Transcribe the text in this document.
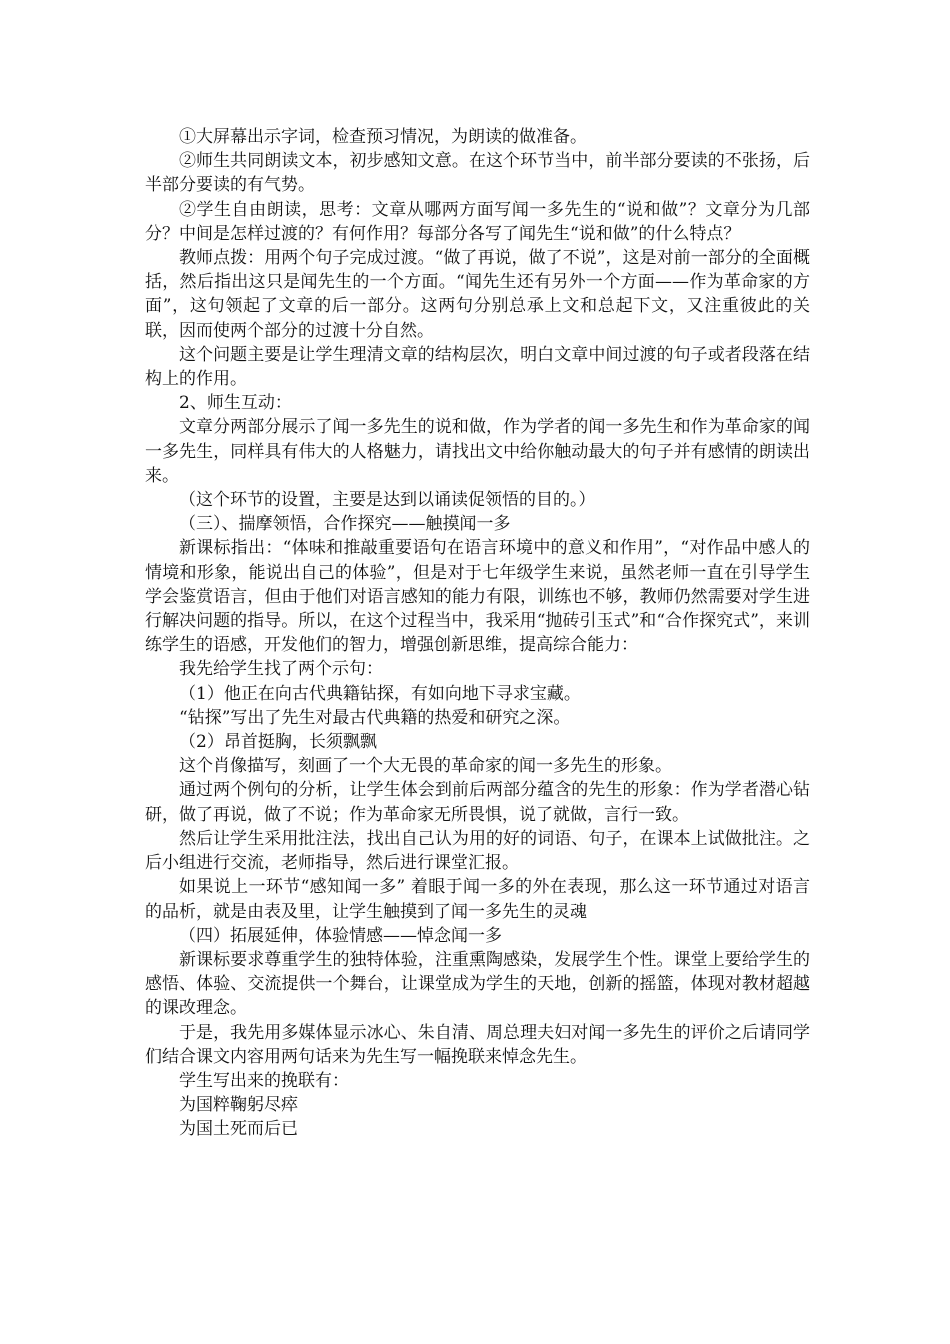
①大屏幕出示字词，检查预习情况，为朗读的做准备。

②师生共同朗读文本，初步感知文意。在这个环节当中，前半部分要读的不张扬，后半部分要读的有气势。

②学生自由朗读，思考：文章从哪两方面写闻一多先生的“说和做”？文章分为几部分？中间是怎样过渡的？有何作用？每部分各写了闻先生“说和做”的什么特点？

教师点拨：用两个句子完成过渡。“做了再说，做了不说”，这是对前一部分的全面概括，然后指出这只是闻先生的一个方面。“闻先生还有另外一个方面——作为革命家的方面”，这句领起了文章的后一部分。这两句分别总承上文和总起下文，又注重彼此的关联，因而使两个部分的过渡十分自然。

这个问题主要是让学生理清文章的结构层次，明白文章中间过渡的句子或者段落在结构上的作用。

2、师生互动：

文章分两部分展示了闻一多先生的说和做，作为学者的闻一多先生和作为革命家的闻一多先生，同样具有伟大的人格魅力，请找出文中给你触动最大的句子并有感情的朗读出来。

（这个环节的设置，主要是达到以诵读促领悟的目的。）

（三）、揣摩领悟，合作探究——触摸闻一多

新课标指出：“体味和推敲重要语句在语言环境中的意义和作用”，“对作品中感人的情境和形象，能说出自己的体验”，但是对于七年级学生来说，虽然老师一直在引导学生学会鉴赏语言，但由于他们对语言感知的能力有限，训练也不够，教师仍然需要对学生进行解决问题的指导。所以，在这个过程当中，我采用“抛砖引玉式”和“合作探究式”，来训练学生的语感，开发他们的智力，增强创新思维，提高综合能力：

我先给学生找了两个示句：

（1）他正在向古代典籍钻探，有如向地下寻求宝藏。

“钻探”写出了先生对最古代典籍的热爱和研究之深。

（2）昂首挺胸，长须飘飘

这个肖像描写，刻画了一个大无畏的革命家的闻一多先生的形象。

通过两个例句的分析，让学生体会到前后两部分蕴含的先生的形象：作为学者潜心钻研，做了再说，做了不说；作为革命家无所畏惧，说了就做，言行一致。

然后让学生采用批注法，找出自己认为用的好的词语、句子，在课本上试做批注。之后小组进行交流，老师指导，然后进行课堂汇报。

如果说上一环节“感知闻一多” 着眼于闻一多的外在表现，那么这一环节通过对语言的品析，就是由表及里，让学生触摸到了闻一多先生的灵魂

（四）拓展延伸，体验情感——悼念闻一多

新课标要求尊重学生的独特体验，注重熏陶感染，发展学生个性。课堂上要给学生的感悟、体验、交流提供一个舞台，让课堂成为学生的天地，创新的摇篮，体现对教材超越的课改理念。

于是，我先用多媒体显示冰心、朱自清、周总理夫妇对闻一多先生的评价之后请同学们结合课文内容用两句话来为先生写一幅挽联来悼念先生。

学生写出来的挽联有：

为国粹鞠躬尽瘁

为国土死而后已
